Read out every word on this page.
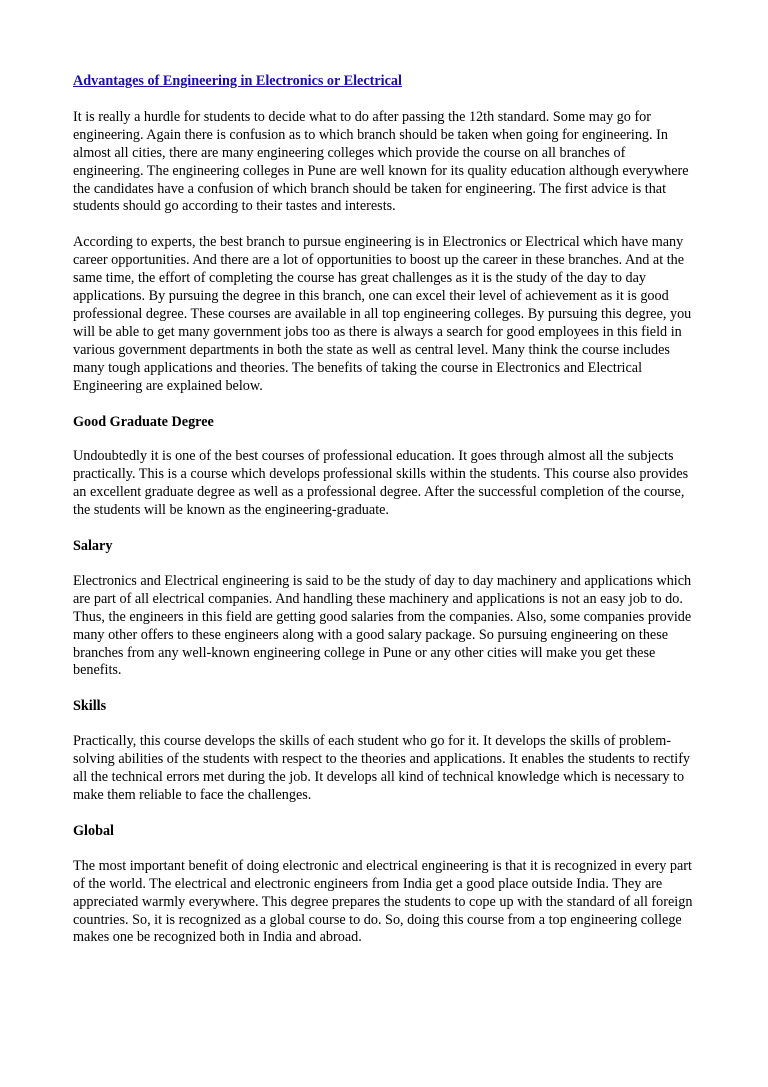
Advantages of Engineering in Electronics or Electrical

It is really a hurdle for students to decide what to do after passing the 12th standard. Some may go for engineering. Again there is confusion as to which branch should be taken when going for engineering. In almost all cities, there are many engineering colleges which provide the course on all branches of engineering. The engineering colleges in Pune are well known for its quality education although everywhere the candidates have a confusion of which branch should be taken for engineering. The first advice is that students should go according to their tastes and interests.

According to experts, the best branch to pursue engineering is in Electronics or Electrical which have many career opportunities. And there are a lot of opportunities to boost up the career in these branches. And at the same time, the effort of completing the course has great challenges as it is the study of the day to day applications. By pursuing the degree in this branch, one can excel their level of achievement as it is good professional degree. These courses are available in all top engineering colleges. By pursuing this degree, you will be able to get many government jobs too as there is always a search for good employees in this field in various government departments in both the state as well as central level. Many think the course includes many tough applications and theories. The benefits of taking the course in Electronics and Electrical Engineering are explained below.

Good Graduate Degree

Undoubtedly it is one of the best courses of professional education. It goes through almost all the subjects practically. This is a course which develops professional skills within the students. This course also provides an excellent graduate degree as well as a professional degree. After the successful completion of the course, the students will be known as the engineering-graduate.

Salary

Electronics and Electrical engineering is said to be the study of day to day machinery and applications which are part of all electrical companies. And handling these machinery and applications is not an easy job to do. Thus, the engineers in this field are getting good salaries from the companies. Also, some companies provide many other offers to these engineers along with a good salary package. So pursuing engineering on these branches from any well-known engineering college in Pune or any other cities will make you get these benefits.

Skills

Practically, this course develops the skills of each student who go for it. It develops the skills of problem-solving abilities of the students with respect to the theories and applications. It enables the students to rectify all the technical errors met during the job. It develops all kind of technical knowledge which is necessary to make them reliable to face the challenges.

Global

The most important benefit of doing electronic and electrical engineering is that it is recognized in every part of the world. The electrical and electronic engineers from India get a good place outside India. They are appreciated warmly everywhere. This degree prepares the students to cope up with the standard of all foreign countries. So, it is recognized as a global course to do. So, doing this course from a top engineering college makes one be recognized both in India and abroad.
